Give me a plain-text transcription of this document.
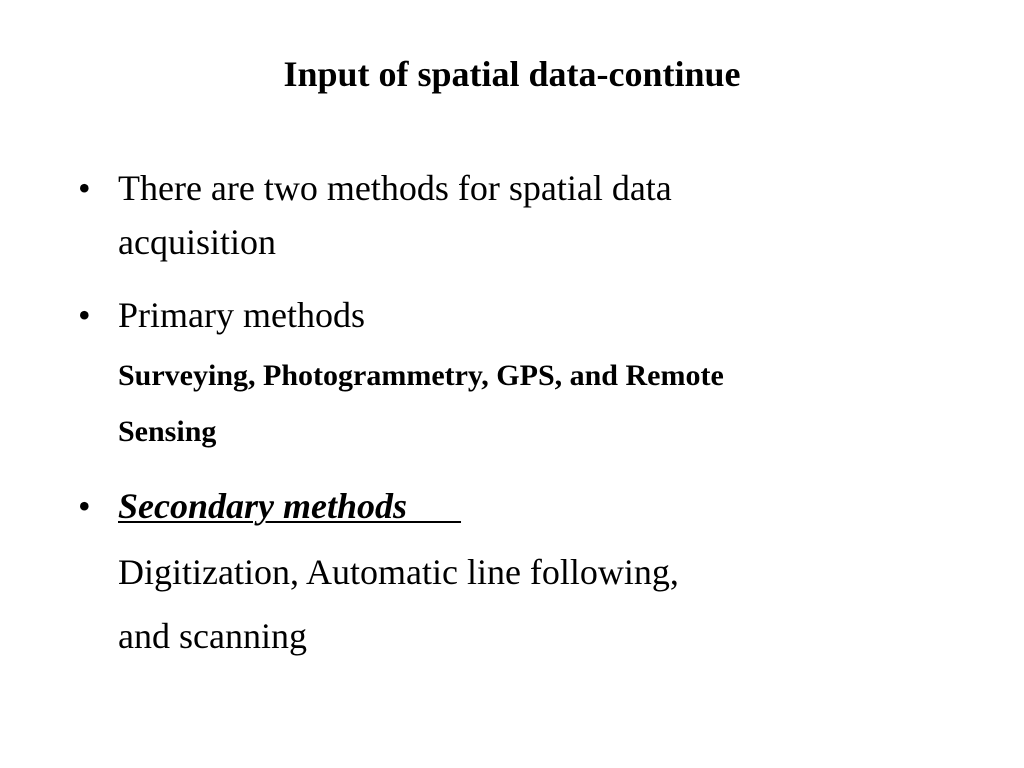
Input of spatial data-continue
• There are two methods for spatial data
acquisition
• Primary methods
Surveying, Photogrammetry, GPS, and Remote
Sensing
• Secondary methods
Digitization, Automatic line following,
and scanning
